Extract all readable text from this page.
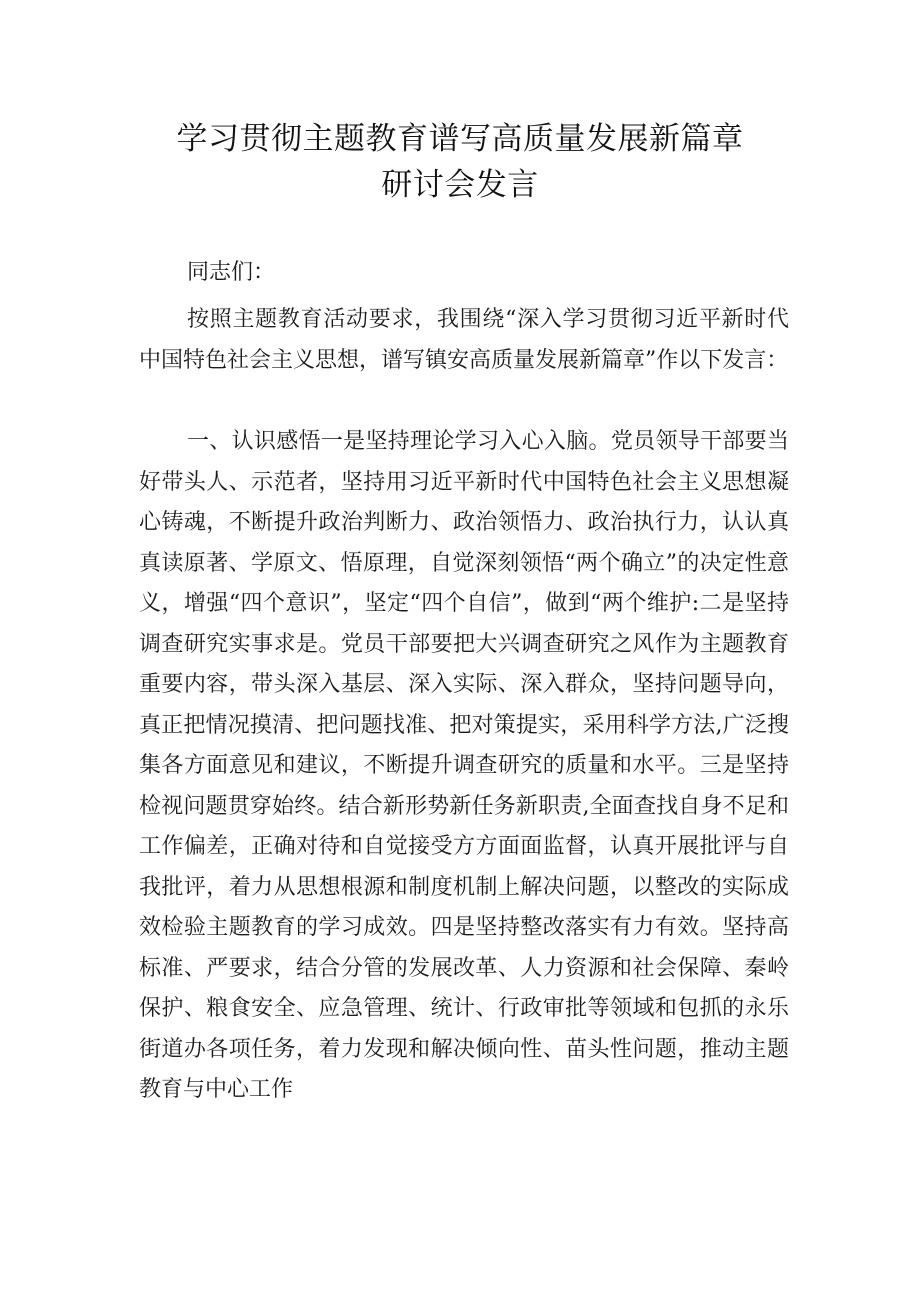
学习贯彻主题教育谱写高质量发展新篇章
研讨会发言
同志们：

按照主题教育活动要求，我围绕“深入学习贯彻习近平新时代中国特色社会主义思想，谱写镇安高质量发展新篇章”作以下发言：

一、认识感悟一是坚持理论学习入心入脑。党员领导干部要当好带头人、示范者，坚持用习近平新时代中国特色社会主义思想凝心铸魂，不断提升政治判断力、政治领悟力、政治执行力，认认真真读原著、学原文、悟原理，自觉深刻领悟“两个确立”的决定性意义，增强“四个意识”，坚定“四个自信”，做到“两个维护:二是坚持调查研究实事求是。党员干部要把大兴调查研究之风作为主题教育重要内容，带头深入基层、深入实际、深入群众，坚持问题导向，真正把情况摸清、把问题找准、把对策提实，采用科学方法,广泛搜集各方面意见和建议，不断提升调查研究的质量和水平。三是坚持检视问题贯穿始终。结合新形势新任务新职责,全面查找自身不足和工作偏差，正确对待和自觉接受方方面面监督，认真开展批评与自我批评，着力从思想根源和制度机制上解决问题，以整改的实际成效检验主题教育的学习成效。四是坚持整改落实有力有效。坚持高标准、严要求，结合分管的发展改革、人力资源和社会保障、秦岭保护、粮食安全、应急管理、统计、行政审批等领域和包抓的永乐街道办各项任务，着力发现和解决倾向性、苗头性问题，推动主题教育与中心工作
